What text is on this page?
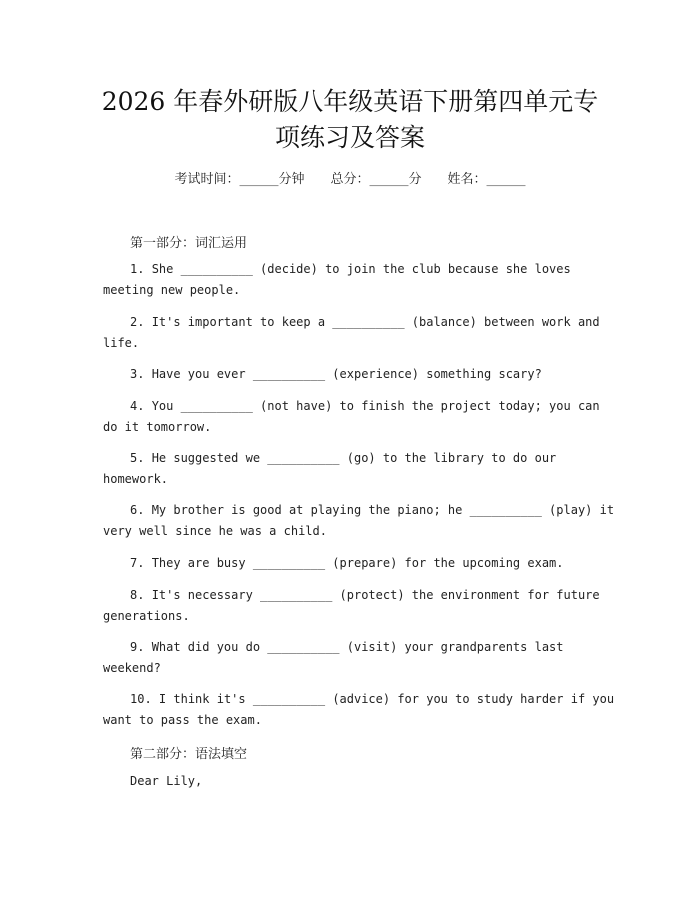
2026 年春外研版八年级英语下册第四单元专
项练习及答案
考试时间：______分钟 总分：______分 姓名：______
第一部分：词汇运用
1. She __________ (decide) to join the club because she loves
meeting new people.
2. It's important to keep a __________ (balance) between work and
life.
3. Have you ever __________ (experience) something scary?
4. You __________ (not have) to finish the project today; you can
do it tomorrow.
5. He suggested we __________ (go) to the library to do our
homework.
6. My brother is good at playing the piano; he __________ (play) it
very well since he was a child.
7. They are busy __________ (prepare) for the upcoming exam.
8. It's necessary __________ (protect) the environment for future
generations.
9. What did you do __________ (visit) your grandparents last
weekend?
10. I think it's __________ (advice) for you to study harder if you
want to pass the exam.
第二部分：语法填空
Dear Lily,
